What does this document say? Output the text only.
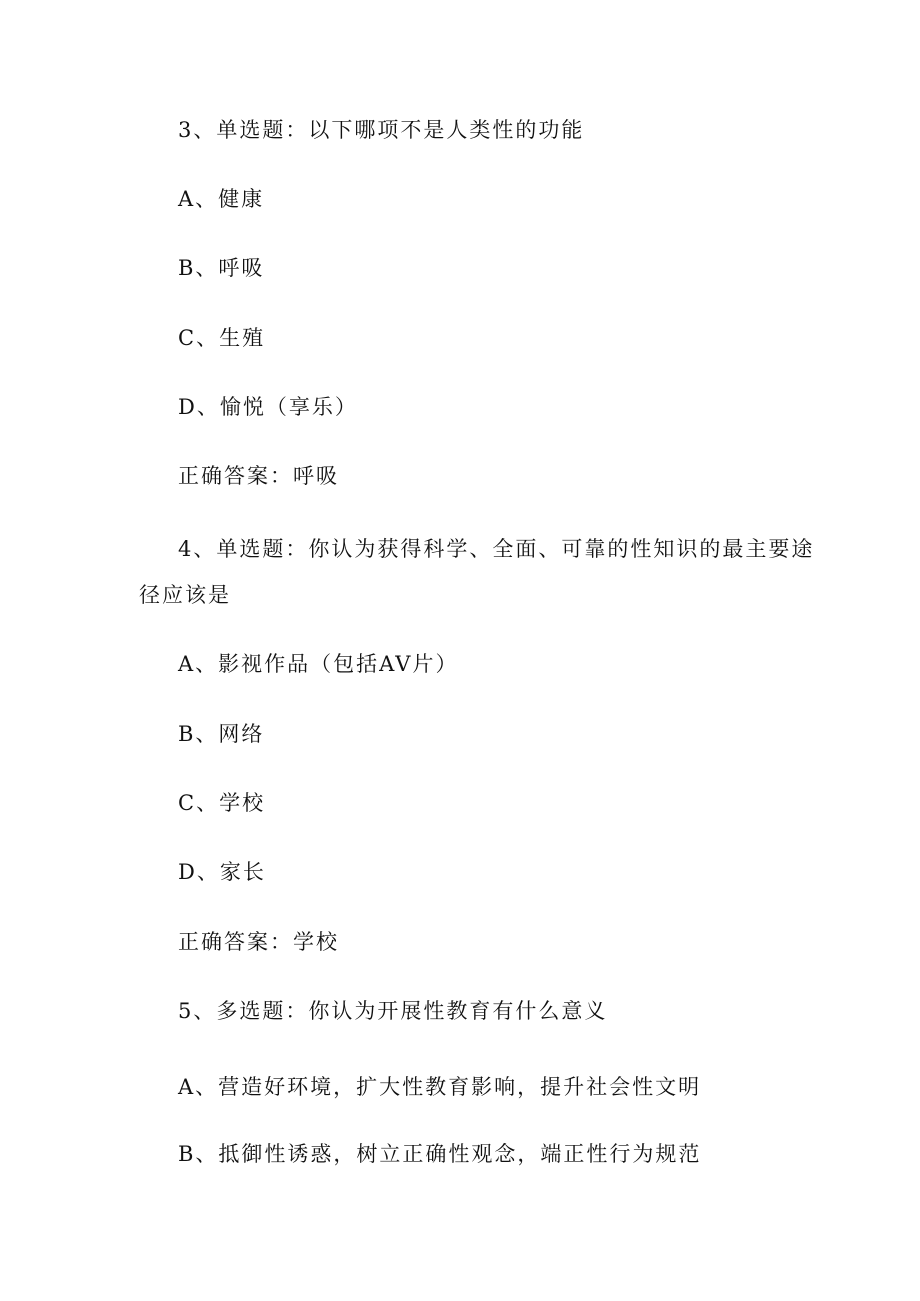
3、单选题：以下哪项不是人类性的功能
A、健康
B、呼吸
C、生殖
D、愉悦（享乐）
正确答案：呼吸
4、单选题：你认为获得科学、全面、可靠的性知识的最主要途
径应该是
A、影视作品（包括AV片）
B、网络
C、学校
D、家长
正确答案：学校
5、多选题：你认为开展性教育有什么意义
A、营造好环境，扩大性教育影响，提升社会性文明
B、抵御性诱惑，树立正确性观念，端正性行为规范
